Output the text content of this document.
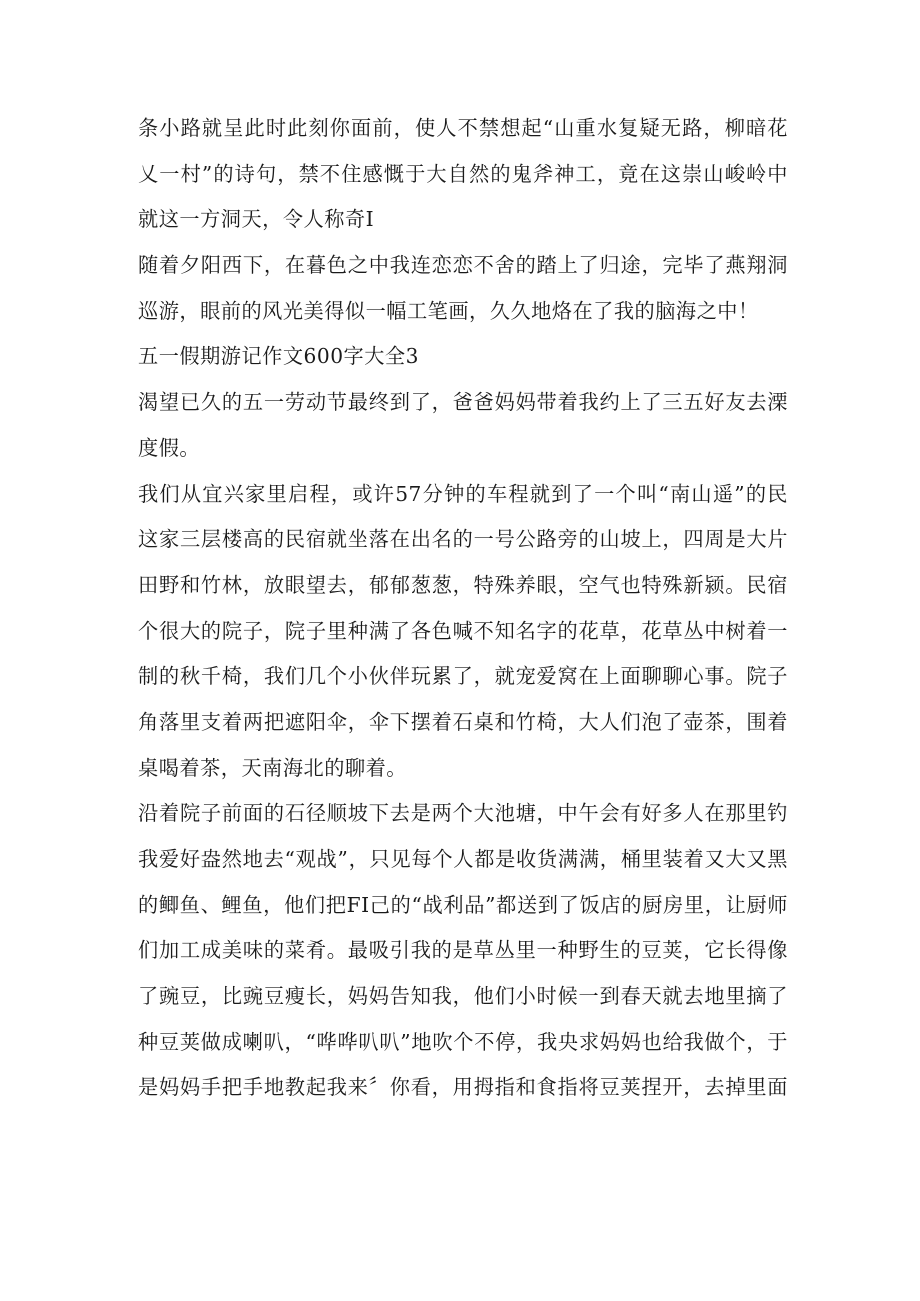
条小路就呈此时此刻你面前，使人不禁想起“山重水复疑无路，柳暗花
乂一村”的诗句，禁不住感慨于大自然的鬼斧神工，竟在这崇山峻岭中
就这一方洞天，令人称奇I
随着夕阳西下，在暮色之中我连恋恋不舍的踏上了归途，完毕了燕翔洞
巡游，眼前的风光美得似一幅工笔画，久久地烙在了我的脑海之中！
五一假期游记作文600字大全3
渴望已久的五一劳动节最终到了，爸爸妈妈带着我约上了三五好友去溧
度假。
我们从宜兴家里启程，或许57分钟的车程就到了一个叫“南山遥”的民
这家三层楼高的民宿就坐落在出名的一号公路旁的山坡上，四周是大片
田野和竹林，放眼望去，郁郁葱葱，特殊养眼，空气也特殊新颍。民宿
个很大的院子，院子里种满了各色喊不知名字的花草，花草丛中树着一
制的秋千椅，我们几个小伙伴玩累了，就宠爱窝在上面聊聊心事。院子
角落里支着两把遮阳伞，伞下摆着石桌和竹椅，大人们泡了壶茶，围着
桌喝着茶，天南海北的聊着。
沿着院子前面的石径顺坡下去是两个大池塘，中午会有好多人在那里钓
我爱好盎然地去“观战”，只见每个人都是收货满满，桶里装着又大又黑
的鲫鱼、鲤鱼，他们把FI己的“战利品”都送到了饭店的厨房里，让厨师
们加工成美味的菜肴。最吸引我的是草丛里一种野生的豆荚，它长得像
了豌豆，比豌豆瘦长，妈妈告知我，他们小时候一到春天就去地里摘了
种豆荚做成喇叭，“哗哗叭叭”地吹个不停，我央求妈妈也给我做个，于
是妈妈手把手地教起我来〞你看，用拇指和食指将豆荚捏开，去掉里面
